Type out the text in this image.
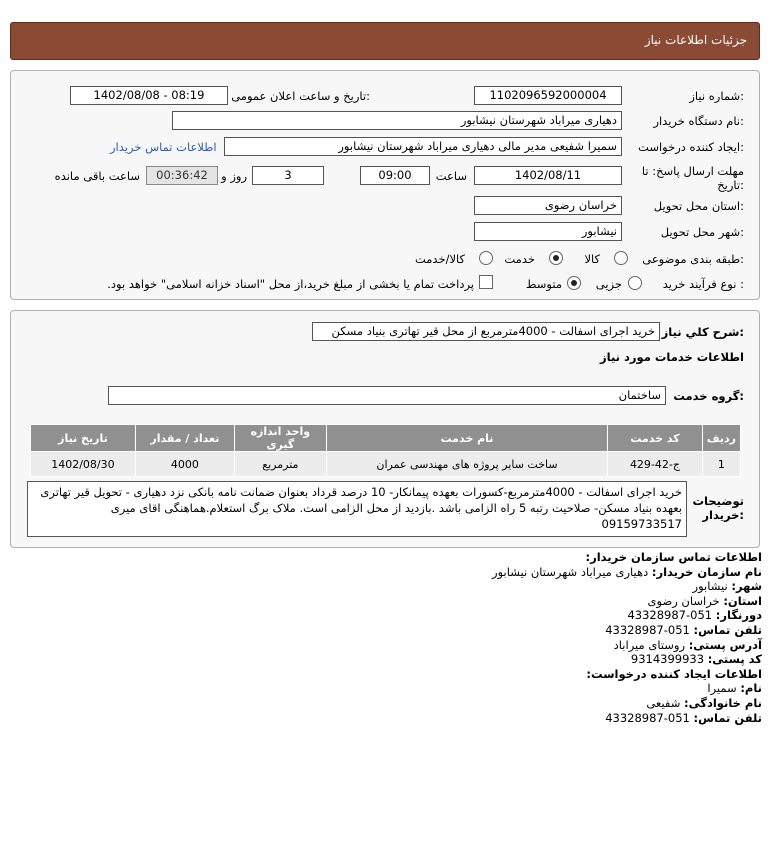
جزئیات اطلاعات نیاز
شماره نیاز:
1102096592000004
تاریخ و ساعت اعلان عمومی:
1402/08/08 - 08:19
نام دستگاه خریدار:
دهیاری میراباد شهرستان نیشابور
ایجاد کننده درخواست:
سمیرا شفیعی مدیر مالی دهیاری میراباد شهرستان نیشابور
اطلاعات تماس خریدار
مهلت ارسال پاسخ: تا
تاریخ:
1402/08/11
ساعت
09:00
3
روز و
00:36:42
ساعت باقی مانده
استان محل تحویل:
خراسان رضوی
شهر محل تحویل:
نیشابور
طبقه بندی موضوعی:
کالا
خدمت
کالا/خدمت
نوع فرآیند خرید :
جزیی
متوسط
پرداخت تمام یا بخشی از مبلغ خرید،از محل "اسناد خزانه اسلامی" خواهد بود.
شرح کلي نياز:
خرید اجرای اسفالت - 4000مترمربع از محل قیر تهاتری بنیاد مسکن
اطلاعات خدمات مورد نیاز
گروه خدمت:
ساختمان
ردیف	کد خدمت	نام خدمت	واحد اندازه گیری	تعداد / مقدار	تاریخ نیاز
1	ج-42-429	ساخت سایر پروژه های مهندسی عمران	مترمربع	4000	1402/08/30
توضیحات
خریدار:
خرید اجرای اسفالت - 4000مترمربع-کسورات بعهده پیمانکار- 10 درصد قرداد بعنوان ضمانت نامه بانکی نزد دهیاری - تحویل قیر تهاتری بعهده بنیاد مسکن- صلاحیت رتبه 5 راه الزامی باشد .بازدید از محل الزامی است. ملاک برگ استعلام.هماهنگی اقای میری 09159733517
اطلاعات تماس سازمان خریدار:
نام سازمان خریدار: دهیاری میراباد شهرستان نیشابور
شهر: نیشابور
استان: خراسان رضوی
دورنگار: 051-43328987
تلفن تماس: 051-43328987
آدرس پستی: روستای میراباد
کد پستی: 9314399933
اطلاعات ایجاد کننده درخواست:
نام: سمیرا
نام خانوادگی: شفیعی
تلفن تماس: 051-43328987
